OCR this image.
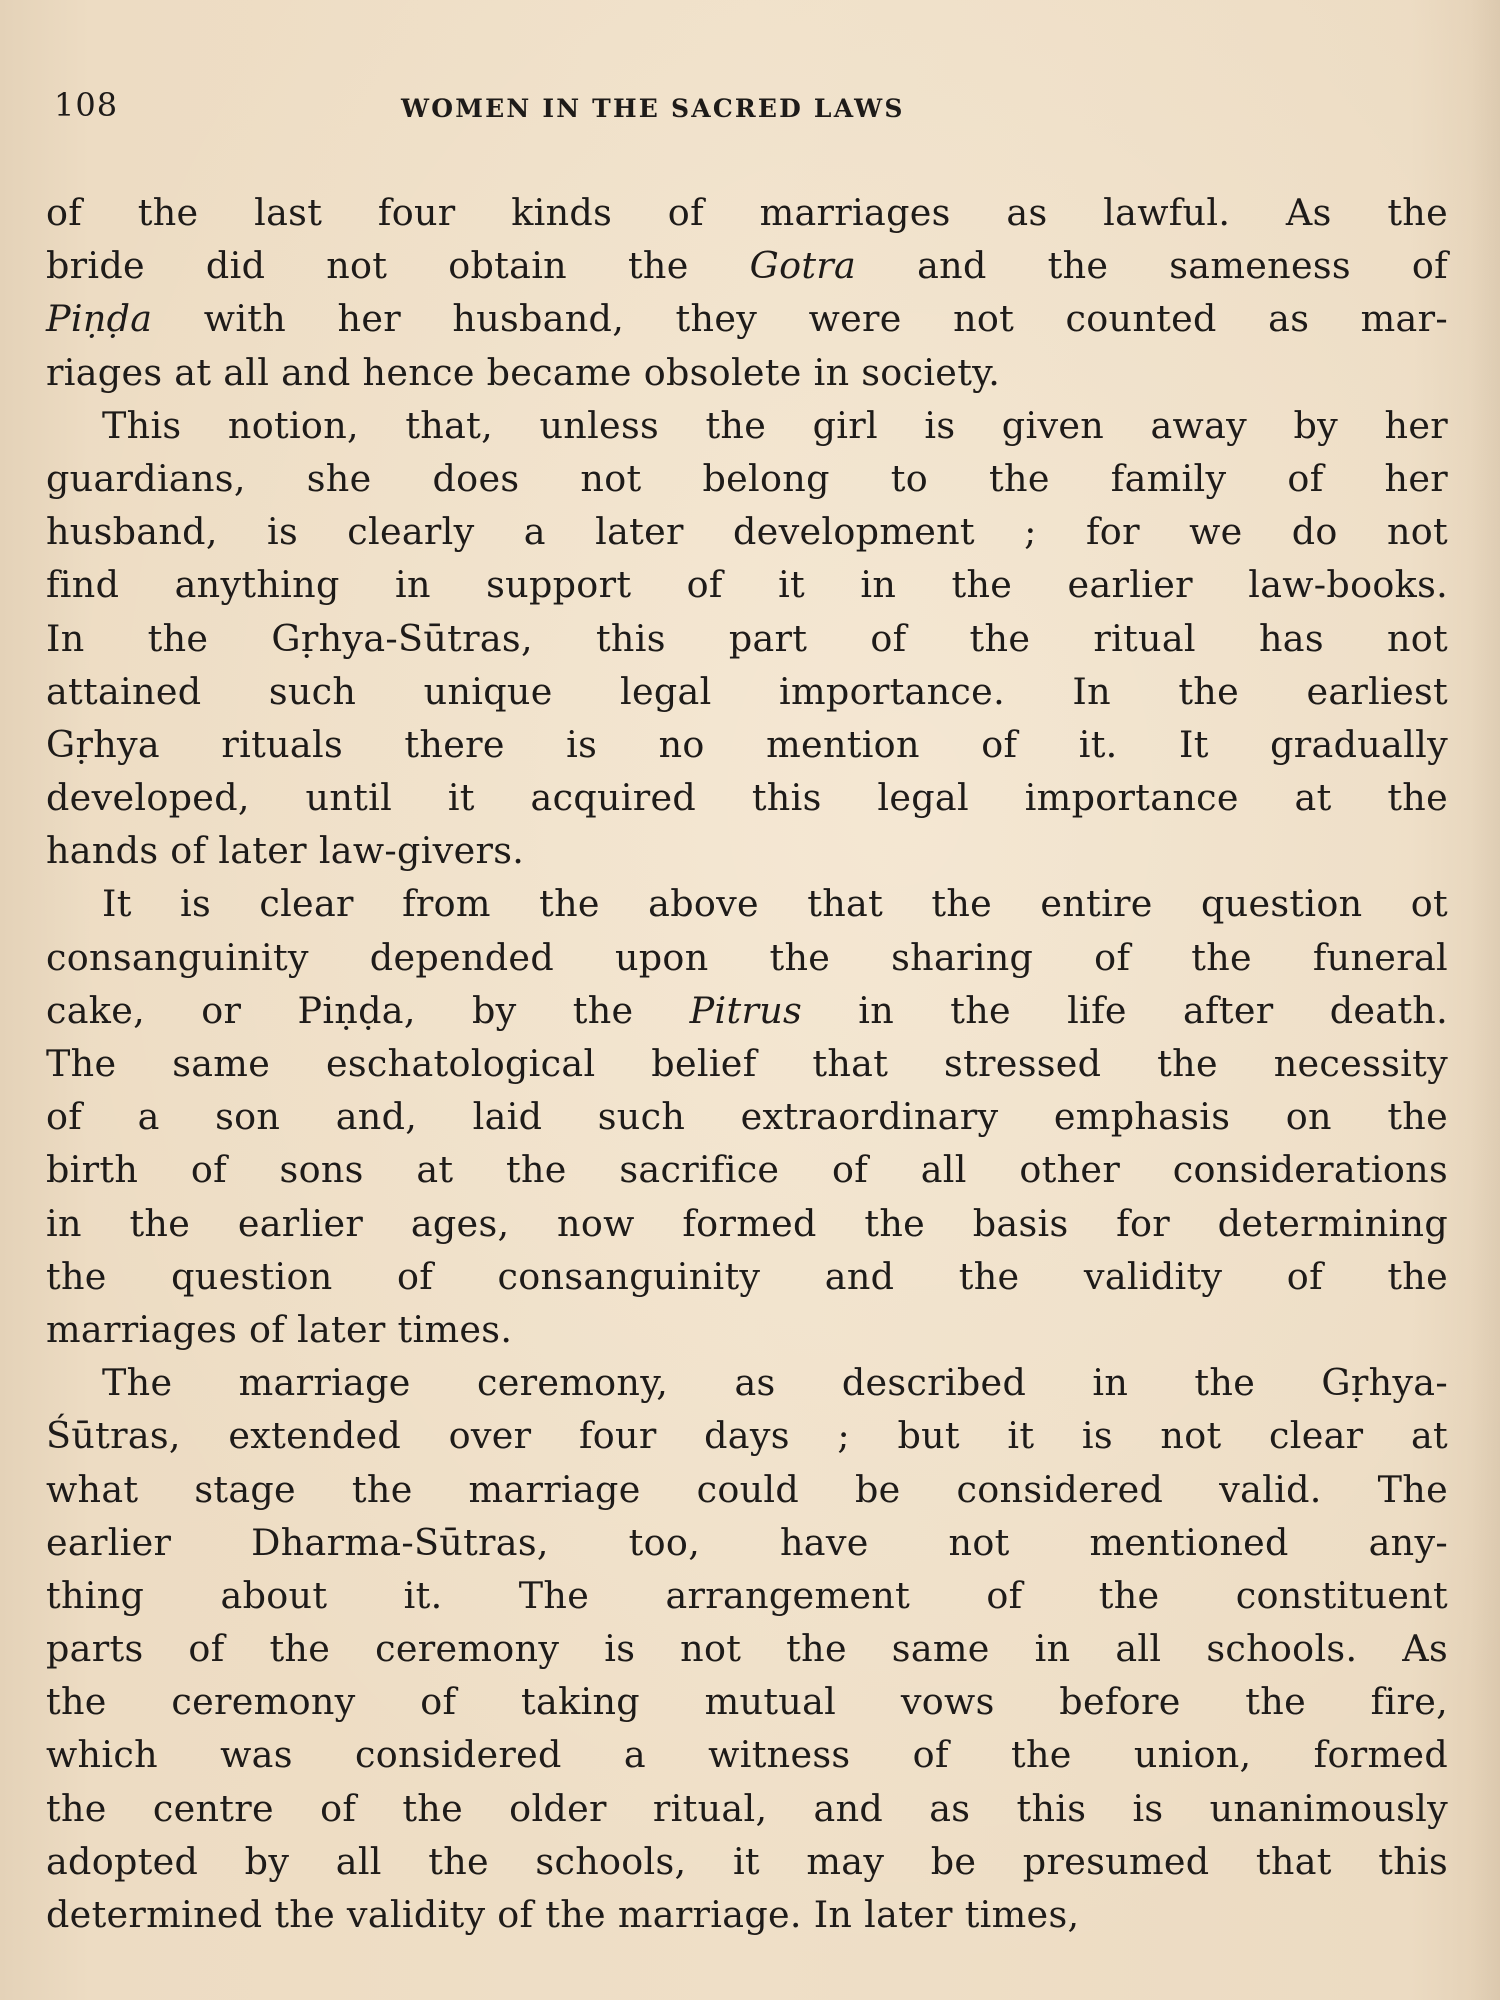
108	WOMEN IN THE SACRED LAWS
of the last four kinds of marriages as lawful. As the
bride did not obtain the Gotra and the sameness of
Piṇḍa with her husband, they were not counted as mar-
riages at all and hence became obsolete in society.
This notion, that, unless the girl is given away by her
guardians, she does not belong to the family of her
husband, is clearly a later development ; for we do not
find anything in support of it in the earlier law-books.
In the Gṛhya-Sūtras, this part of the ritual has not
attained such unique legal importance. In the earliest
Gṛhya rituals there is no mention of it. It gradually
developed, until it acquired this legal importance at the
hands of later law-givers.
It is clear from the above that the entire question ot
consanguinity depended upon the sharing of the funeral
cake, or Piṇḍa, by the Pitrus in the life after death.
The same eschatological belief that stressed the necessity
of a son and, laid such extraordinary emphasis on the
birth of sons at the sacrifice of all other considerations
in the earlier ages, now formed the basis for determining
the question of consanguinity and the validity of the
marriages of later times.
The marriage ceremony, as described in the Gṛhya-
Śūtras, extended over four days ; but it is not clear at
what stage the marriage could be considered valid. The
earlier Dharma-Sūtras, too, have not mentioned any-
thing about it. The arrangement of the constituent
parts of the ceremony is not the same in all schools. As
the ceremony of taking mutual vows before the fire,
which was considered a witness of the union, formed
the centre of the older ritual, and as this is unanimously
adopted by all the schools, it may be presumed that this
determined the validity of the marriage. In later times,
